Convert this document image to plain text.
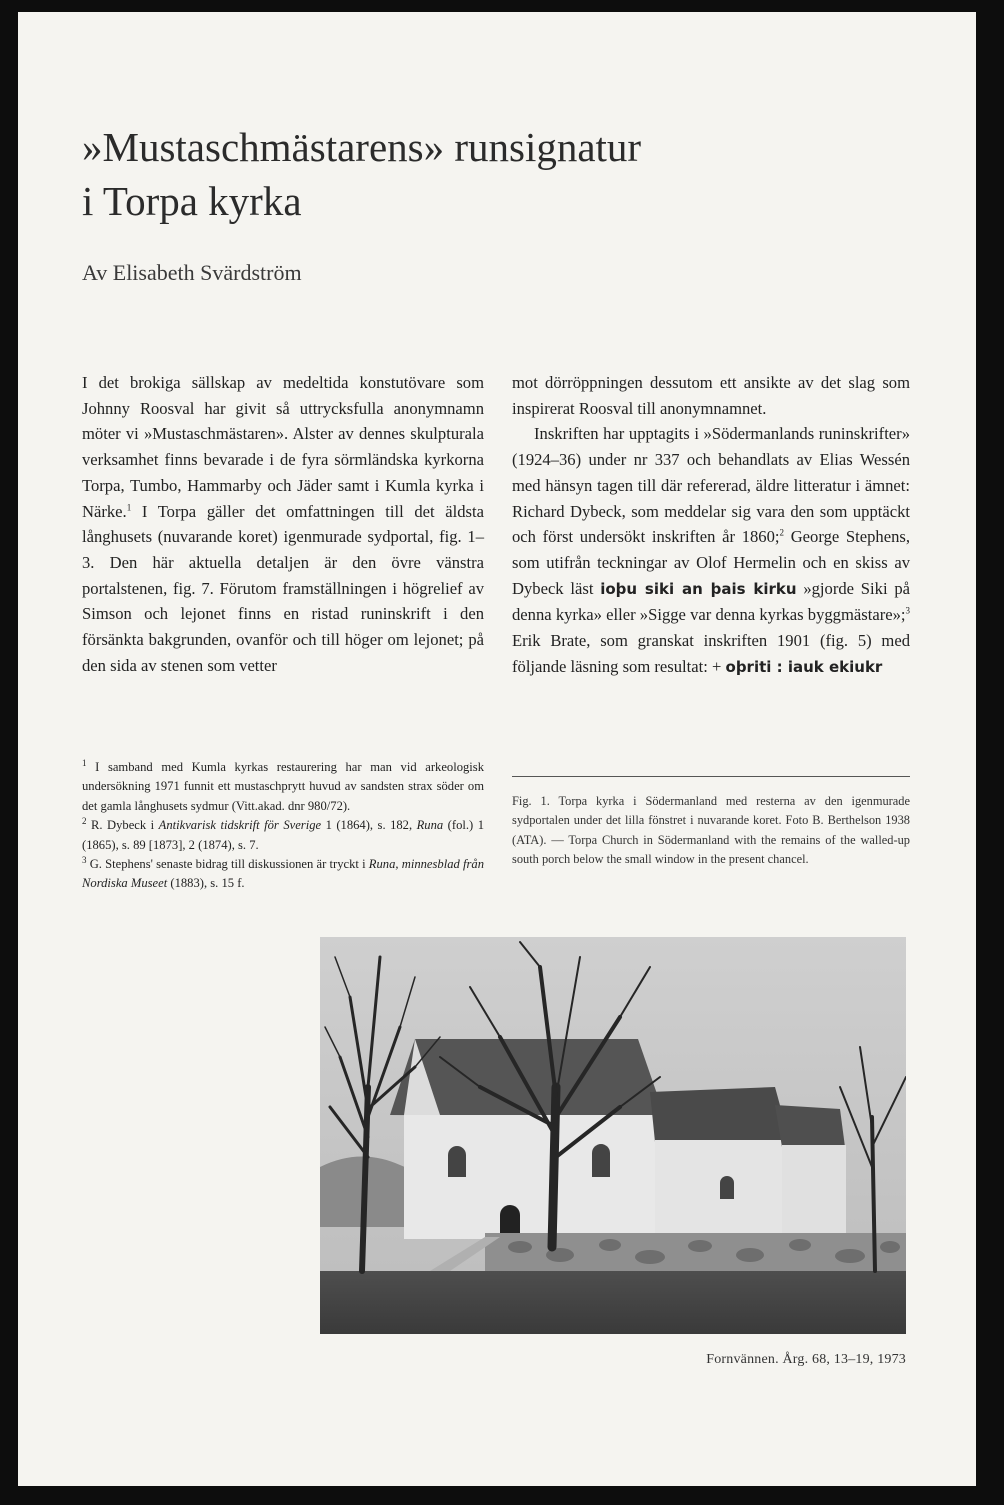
»Mustaschmästarens» runsignatur
i Torpa kyrka

Av Elisabeth Svärdström

I det brokiga sällskap av medeltida konstutövare som Johnny Roosval har givit så uttrycksfulla anonymnamn möter vi »Mustaschmästaren». Alster av dennes skulpturala verksamhet finns bevarade i de fyra sörmländska kyrkorna Torpa, Tumbo, Hammarby och Jäder samt i Kumla kyrka i Närke.$^1$ I Torpa gäller det omfattningen till det äldsta långhusets (nuvarande koret) igenmurade sydportal, fig. 1–3. Den här aktuella detaljen är den övre vänstra portalstenen, fig. 7. Förutom framställningen i högrelief av Simson och lejonet finns en ristad runinskrift i den försänkta bakgrunden, ovanför och till höger om lejonet; på den sida av stenen som vetter

mot dörröppningen dessutom ett ansikte av det slag som inspirerat Roosval till anonymnamnet.

Inskriften har upptagits i »Södermanlands runinskrifter» (1924–36) under nr 337 och behandlats av Elias Wessén med hänsyn tagen till där refererad, äldre litteratur i ämnet: Richard Dybeck, som meddelar sig vara den som upptäckt och först undersökt inskriften år 1860;$^2$ George Stephens, som utifrån teckningar av Olof Hermelin och en skiss av Dybeck läst ioþu siki an þais kirku »gjorde Siki på denna kyrka» eller »Sigge var denna kyrkas byggmästare»;$^3$ Erik Brate, som granskat inskriften 1901 (fig. 5) med följande läsning som resultat: + oþriti : iauk ekiukr

$^1$ I samband med Kumla kyrkas restaurering har man vid arkeologisk undersökning 1971 funnit ett mustaschprytt huvud av sandsten strax söder om det gamla långhusets sydmur (Vitt.akad. dnr 980/72).

$^2$ R. Dybeck i Antikvarisk tidskrift för Sverige 1 (1864), s. 182, Runa (fol.) 1 (1865), s. 89 [1873], 2 (1874), s. 7.

$^3$ G. Stephens' senaste bidrag till diskussionen är tryckt i Runa, minnesblad från Nordiska Museet (1883), s. 15 f.

Fig. 1. Torpa kyrka i Södermanland med resterna av den igenmurade sydportalen under det lilla fönstret i nuvarande koret. Foto B. Berthelson 1938 (ATA). — Torpa Church in Södermanland with the remains of the walled-up south porch below the small window in the present chancel.

Fornvännen. Årg. 68, 13–19, 1973
